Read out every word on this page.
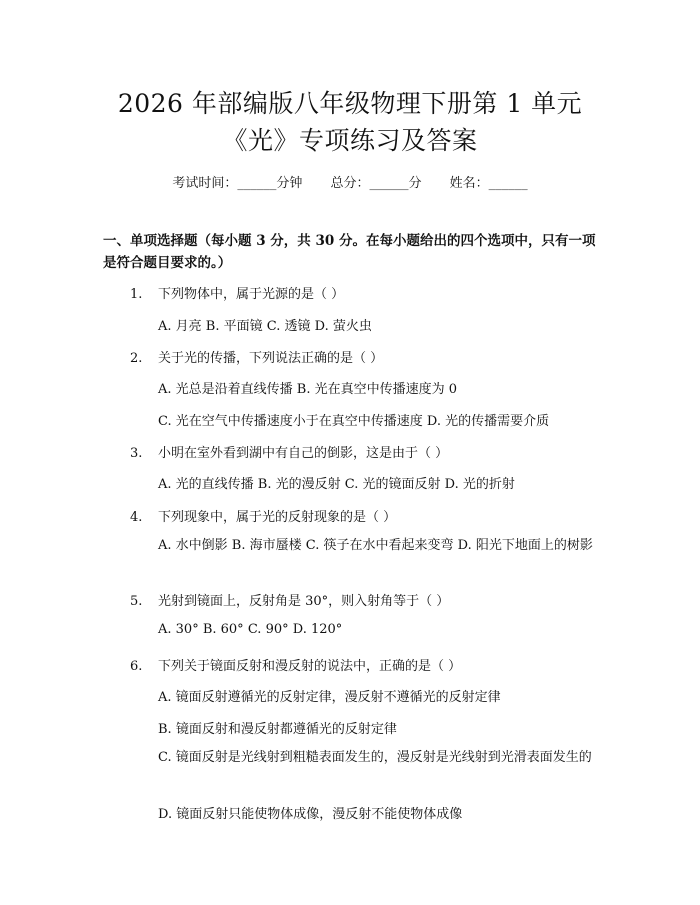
2026 年部编版八年级物理下册第 1 单元
《光》专项练习及答案
考试时间：______分钟 总分：______分 姓名：______
一、单项选择题（每小题 3 分，共 30 分。在每小题给出的四个选项中，只有一项是符合题目要求的。）
1. 下列物体中，属于光源的是（ ）
A. 月亮 B. 平面镜 C. 透镜 D. 萤火虫
2. 关于光的传播，下列说法正确的是（ ）
A. 光总是沿着直线传播 B. 光在真空中传播速度为 0
C. 光在空气中传播速度小于在真空中传播速度 D. 光的传播需要介质
3. 小明在室外看到湖中有自己的倒影，这是由于（ ）
A. 光的直线传播 B. 光的漫反射 C. 光的镜面反射 D. 光的折射
4. 下列现象中，属于光的反射现象的是（ ）
A. 水中倒影 B. 海市蜃楼 C. 筷子在水中看起来变弯 D. 阳光下地面上的树影
5. 光射到镜面上，反射角是 30°，则入射角等于（ ）
A. 30° B. 60° C. 90° D. 120°
6. 下列关于镜面反射和漫反射的说法中，正确的是（ ）
A. 镜面反射遵循光的反射定律，漫反射不遵循光的反射定律
B. 镜面反射和漫反射都遵循光的反射定律
C. 镜面反射是光线射到粗糙表面发生的，漫反射是光线射到光滑表面发生的
D. 镜面反射只能使物体成像，漫反射不能使物体成像
